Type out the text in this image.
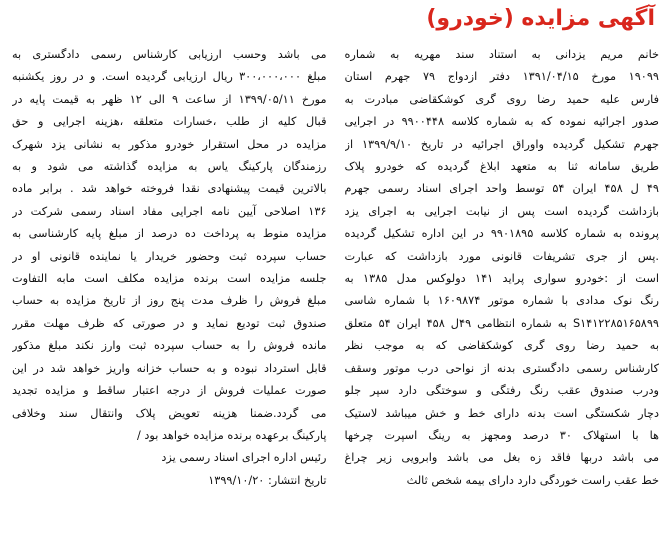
آگهی مزایده (خودرو)
خانم مریم یزدانی به استناد سند مهریه به شماره
۱۹۰۹۹ مورخ ۱۳۹۱/۰۴/۱۵ دفتر ازدواج ۷۹ جهرم استان
فارس علیه حمید رضا روی گری کوشکقاضی مبادرت به
صدور اجرائیه نموده که به شماره کلاسه ۹۹۰۰۴۴۸ در اجرایی
جهرم تشکیل گردیده واوراق اجرائیه در تاریخ ۱۳۹۹/۹/۱۰ از
طریق سامانه ثنا به متعهد ابلاغ گردیده که خودرو پلاک
۴۹ ل ۴۵۸ ایران ۵۴ توسط واحد اجرای اسناد رسمی جهرم
بازداشت گردیده است پس از نیابت اجرایی به اجرای یزد
پرونده به شماره کلاسه ۹۹۰۱۸۹۵ در این اداره تشکیل گردیده
.پس از جری تشریفات قانونی مورد بازداشت که عبارت
است از :خودرو سواری پراید ۱۴۱ دولوکس مدل ۱۳۸۵ به
رنگ نوک مدادی با شماره موتور ۱۶۰۹۸۷۴ با شماره شاسی
S۱۴۱۲۲۸۵۱۶۵۸۹۹ به شماره انتظامی ۴۹ل ۴۵۸ ایران ۵۴ متعلق
به حمید رضا روی گری کوشکقاضی که به موجب نظر
کارشناس رسمی دادگستری بدنه از نواحی درب موتور وسقف
ودرب صندوق عقب رنگ رفتگی و سوختگی دارد سپر جلو
دچار شکستگی است بدنه دارای خط و خش میباشد لاستیک
ها با استهلاک ۳۰ درصد ومجهز به رینگ اسپرت چرخها
می باشد دربها فاقد زه بغل می باشد وابرویی زیر چراغ
خط عقب راست خوردگی دارد دارای بیمه شخص ثالث
می باشد وحسب ارزیابی کارشناس رسمی دادگستری به
مبلغ ۳۰۰،۰۰۰،۰۰۰ ریال ارزیابی گردیده است. و در روز یکشنبه
مورخ ۱۳۹۹/۰۵/۱۱ از ساعت ۹ الی ۱۲ ظهر به قیمت پایه در
قبال کلیه از طلب ،خسارات متعلقه ،هزینه اجرایی و حق
مزایده در محل استقرار خودرو مذکور به نشانی یزد شهرک
رزمندگان پارکینگ یاس به مزایده گذاشته می شود و به
بالاترین قیمت پیشنهادی نقدا فروخته خواهد شد . برابر ماده
۱۳۶ اصلاحی آیین نامه اجرایی مفاد اسناد رسمی شرکت در
مزایده منوط به پرداخت ده درصد از مبلغ پایه کارشناسی به
حساب سپرده ثبت وحضور خریدار یا نماینده قانونی او در
جلسه مزایده است برنده مزایده مکلف است مابه التفاوت
مبلغ فروش را ظرف مدت پنج روز از تاریخ مزایده به حساب
صندوق ثبت تودیع نماید و در صورتی که ظرف مهلت مقرر
مانده فروش را به حساب سپرده ثبت وارز نکند مبلغ مذکور
قابل استرداد نبوده و به حساب خزانه واریز خواهد شد در این
صورت عملیات فروش از درجه اعتبار ساقط و مزایده تجدید
می گردد.ضمنا هزینه تعویض پلاک وانتقال سند وخلافی
پارکینگ برعهده برنده مزایده خواهد بود /
رئیس اداره اجرای اسناد رسمی یزد
تاریخ انتشار: ۱۳۹۹/۱۰/۲۰
